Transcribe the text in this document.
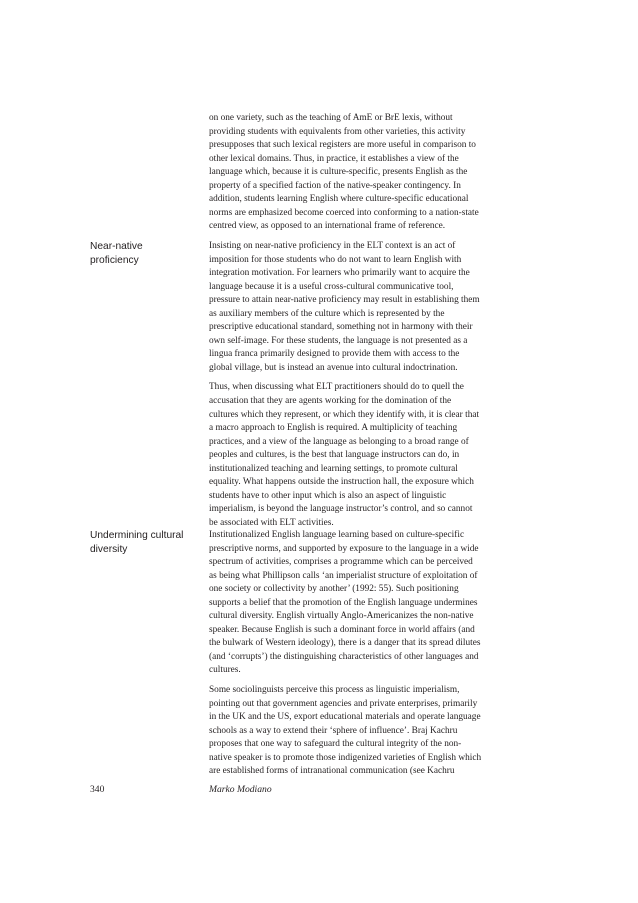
on one variety, such as the teaching of AmE or BrE lexis, without
providing students with equivalents from other varieties, this activity
presupposes that such lexical registers are more useful in comparison to
other lexical domains. Thus, in practice, it establishes a view of the
language which, because it is culture-specific, presents English as the
property of a specified faction of the native-speaker contingency. In
addition, students learning English where culture-specific educational
norms are emphasized become coerced into conforming to a nation-state
centred view, as opposed to an international frame of reference.

Near-native
proficiency

Insisting on near-native proficiency in the ELT context is an act of
imposition for those students who do not want to learn English with
integration motivation. For learners who primarily want to acquire the
language because it is a useful cross-cultural communicative tool,
pressure to attain near-native proficiency may result in establishing them
as auxiliary members of the culture which is represented by the
prescriptive educational standard, something not in harmony with their
own self-image. For these students, the language is not presented as a
lingua franca primarily designed to provide them with access to the
global village, but is instead an avenue into cultural indoctrination.

Thus, when discussing what ELT practitioners should do to quell the
accusation that they are agents working for the domination of the
cultures which they represent, or which they identify with, it is clear that
a macro approach to English is required. A multiplicity of teaching
practices, and a view of the language as belonging to a broad range of
peoples and cultures, is the best that language instructors can do, in
institutionalized teaching and learning settings, to promote cultural
equality. What happens outside the instruction hall, the exposure which
students have to other input which is also an aspect of linguistic
imperialism, is beyond the language instructor’s control, and so cannot
be associated with ELT activities.

Undermining cultural
diversity

Institutionalized English language learning based on culture-specific
prescriptive norms, and supported by exposure to the language in a wide
spectrum of activities, comprises a programme which can be perceived
as being what Phillipson calls ‘an imperialist structure of exploitation of
one society or collectivity by another’ (1992: 55). Such positioning
supports a belief that the promotion of the English language undermines
cultural diversity. English virtually Anglo-Americanizes the non-native
speaker. Because English is such a dominant force in world affairs (and
the bulwark of Western ideology), there is a danger that its spread dilutes
(and ‘corrupts’) the distinguishing characteristics of other languages and
cultures.

Some sociolinguists perceive this process as linguistic imperialism,
pointing out that government agencies and private enterprises, primarily
in the UK and the US, export educational materials and operate language
schools as a way to extend their ‘sphere of influence’. Braj Kachru
proposes that one way to safeguard the cultural integrity of the non-
native speaker is to promote those indigenized varieties of English which
are established forms of intranational communication (see Kachru

340	Marko Modiano
